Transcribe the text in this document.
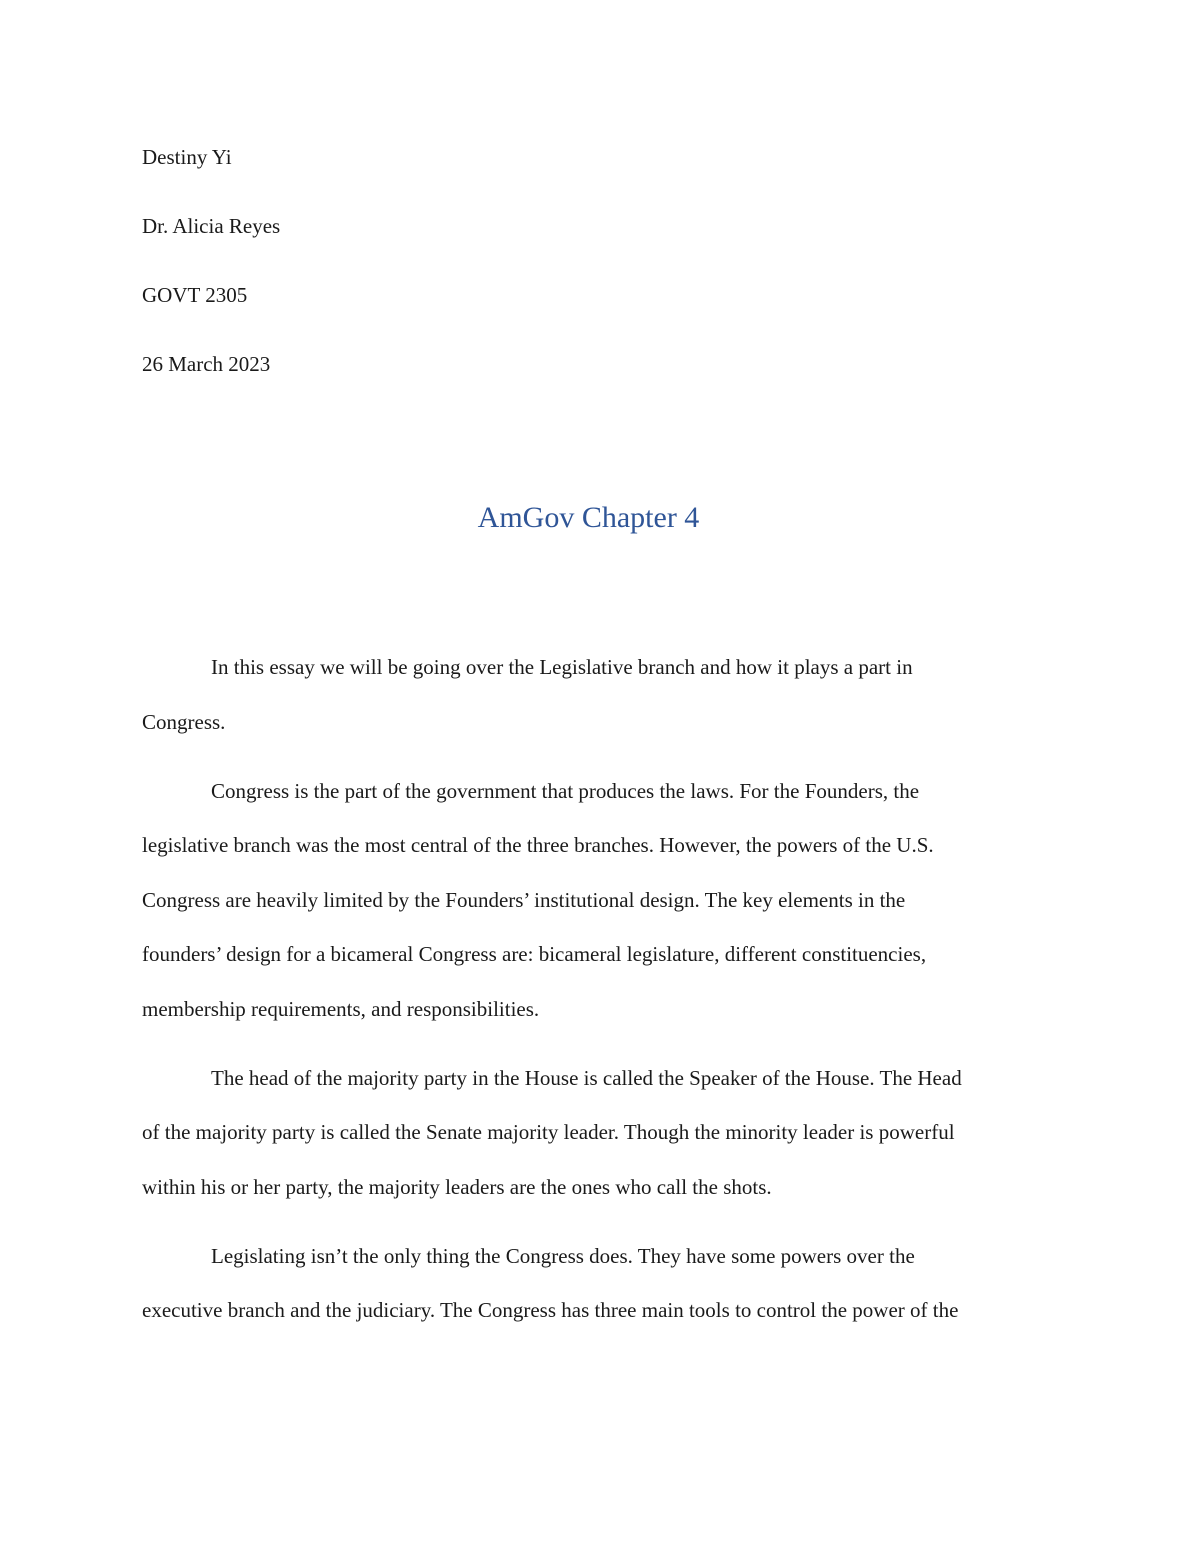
Destiny Yi
Dr. Alicia Reyes
GOVT 2305
26 March 2023
AmGov Chapter 4

In this essay we will be going over the Legislative branch and how it plays a part in
Congress.

Congress is the part of the government that produces the laws. For the Founders, the
legislative branch was the most central of the three branches. However, the powers of the U.S.
Congress are heavily limited by the Founders’ institutional design. The key elements in the
founders’ design for a bicameral Congress are: bicameral legislature, different constituencies,
membership requirements, and responsibilities.

The head of the majority party in the House is called the Speaker of the House. The Head
of the majority party is called the Senate majority leader. Though the minority leader is powerful
within his or her party, the majority leaders are the ones who call the shots.

Legislating isn’t the only thing the Congress does. They have some powers over the
executive branch and the judiciary. The Congress has three main tools to control the power of the
